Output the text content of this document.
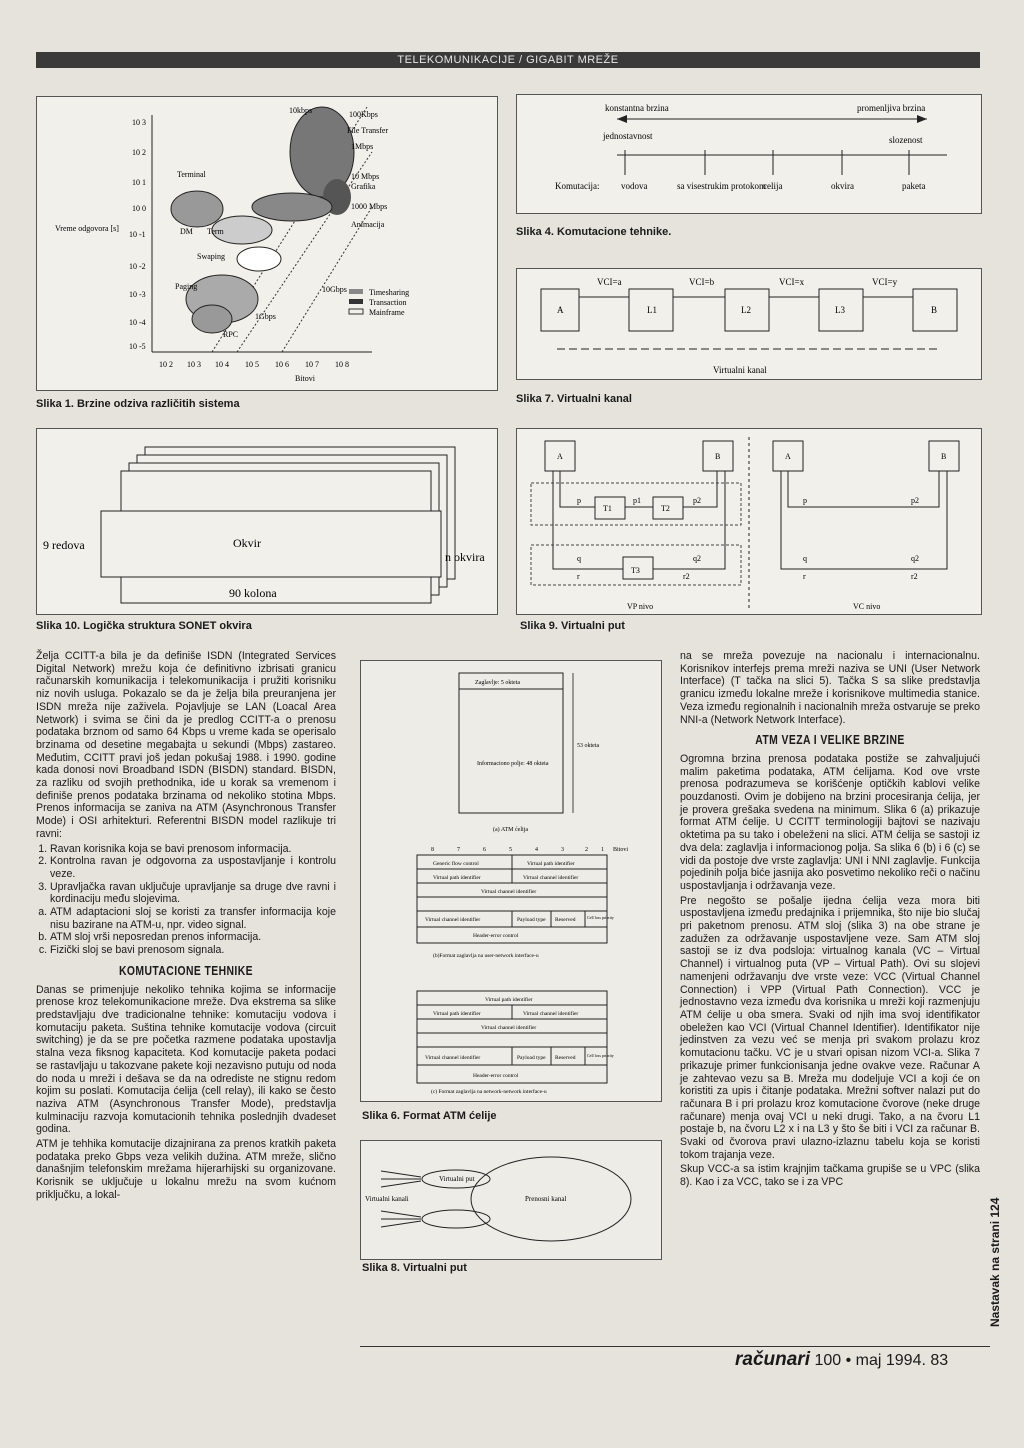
TELEKOMUNIKACIJE / GIGABIT MREŽE
Vreme odgovora [s]
10 3
10 2
10 1
10 0
10 -1
10 -2
10 -3
10 -4
10 -5
10 2 10 3 10 4 10 5 10 6 10 7 10 8
Bitovi
Terminal
Term
DM
Swaping
Paging
RPC
1Gbps
10Gbps
10kbps	100Kbps
File Transfer
1Mbps
10 Mbps
Grafika
1000 Mbps
Animacija
Timesharing
Transaction
Mainframe
Slika 1. Brzine odziva različitih sistema
konstantna brzina	promenljiva brzina
jednostavnost	slozenost
Komutacija: vodova	sa visestrukim protokom
celija	okvira	paketa
Slika 4. Komutacione tehnike.
VCI=a	VCI=b	VCI=x	VCI=y
A	L1	L2	L3	B
Virtualni kanal
Slika 7. Virtualni kanal
9 redova	Okvir
n okvira
90 kolona
Slika 10. Logička struktura SONET okvira
A	B	A	B
T1	T2
T3
p	p1	p2
q	q2
r	r2
p	p2
q	q2
r	r2
VP nivo	VC nivo
Slika 9. Virtualni put
Zaglavlje: 5 okteta
Informaciono polje: 48 okteta
53 okteta
(a) ATM ćelija
8	7	6	5	4	3	2 1 Bitovi
Generic flow control	Virtual path identifier
Virtual path identifier	Virtual channel identifier
Virtual channel identifier
Virtual channel identifier	Payload type Reserved	Cell loss priority
Header-error control
(b)Format zaglavlja na user-network interface-u
Virtual path identifier
Virtual path identifier	Virtual channel identifier
Virtual channel identifier
Virtual channel identifier	Payload type Reserved	Cell loss priority
Header-error control
(c) Format zaglavlja na network-network interface-u
Slika 6. Format ATM ćelije
Virtualni put
Virtualni kanali	Prenosni kanal
Slika 8. Virtualni put

Želja CCITT-a bila je da definiše ISDN (Integrated Services Digital Network) mrežu koja će definitivno izbrisati granicu računarskih komunikacija i telekomunikacija i pružiti korisniku niz novih usluga. Pokazalo se da je želja bila preuranjena jer ISDN mreža nije zaživela. Pojavljuje se LAN (Loacal Area Network) i svima se čini da je predlog CCITT-a o prenosu podataka brznom od samo 64 Kbps u vreme kada se operisalo brzinama od desetine megabajta u sekundi (Mbps) zastareo. Međutim, CCITT pravi još jedan pokušaj 1988. i 1990. godine kada donosi novi Broadband ISDN (BISDN) standard. BISDN, za razliku od svojih prethodnika, ide u korak sa vremenom i definiše prenos podataka brzinama od nekoliko stotina Mbps. Prenos informacija se zaniva na ATM (Asynchronous Transfer Mode) i OSI arhitekturi. Referentni BISDN model razlikuje tri ravni:

1. Ravan korisnika koja se bavi prenosom informacija.
2. Kontrolna ravan je odgovorna za uspostavljanje i kontrolu veze.
3. Upravljačka ravan uključuje upravljanje sa druge dve ravni i kordinaciju među slojevima.
a. ATM adaptacioni sloj se koristi za transfer informacija koje nisu bazirane na ATM-u, npr. video signal.
b. ATM sloj vrši neposredan prenos informacija.
c. Fizički sloj se bavi prenosom signala.
KOMUTACIONE TEHNIKE

Danas se primenjuje nekoliko tehnika kojima se informacije prenose kroz telekomunikacione mreže. Dva ekstrema sa slike predstavljaju dve tradicionalne tehnike: komutaciju vodova i komutaciju paketa. Suština tehnike komutacije vodova (circuit switching) je da se pre početka razmene podataka upostavlja stalna veza fiksnog kapaciteta. Kod komutacije paketa podaci se rastavljaju u takozvane pakete koji nezavisno putuju od noda do noda u mreži i dešava se da na odrediste ne stignu redom kojim su poslati. Komutacija ćelija (cell relay), ili kako se često naziva ATM (Asynchronous Transfer Mode), predstavlja kulminaciju razvoja komutacionih tehnika poslednjih dvadeset godina.

ATM je tehhika komutacije dizajnirana za prenos kratkih paketa podataka preko Gbps veza velikih dužina. ATM mreže, slično današnjim telefonskim mrežama hijerarhijski su organizovane. Korisnik se uključuje u lokalnu mrežu na svom kućnom priključku, a lokal-

na se mreža povezuje na nacionalu i internacionalnu. Korisnikov interfejs prema mreži naziva se UNI (User Network Interface) (T tačka na slici 5). Tačka S sa slike predstavlja granicu između lokalne mreže i korisnikove multimedia stanice. Veza između regionalnih i nacionalnih mreža ostvaruje se preko NNI-a (Network Network Interface).

ATM VEZA I VELIKE BRZINE

Ogromna brzina prenosa podataka postiže se zahvaljujući malim paketima podataka, ATM ćelijama. Kod ove vrste prenosa podrazumeva se korišćenje optičkih kablovi velike pouzdanosti. Ovim je dobijeno na brzini procesiranja ćelija, jer je provera grešaka svedena na minimum. Slika 6 (a) prikazuje format ATM ćelije. U CCITT terminologiji bajtovi se nazivaju oktetima pa su tako i obeleženi na slici. ATM ćelija se sastoji iz dva dela: zaglavlja i informacionog polja. Sa slika 6 (b) i 6 (c) se vidi da postoje dve vrste zaglavlja: UNI i NNI zaglavlje. Funkcija pojedinih polja biće jasnija ako posvetimo nekoliko reči o načinu uspostavljanja i održavanja veze.

Pre negošto se pošalje ijedna ćelija veza mora biti uspostavljena između predajnika i prijemnika, što nije bio slučaj pri paketnom prenosu. ATM sloj (slika 3) na obe strane je zadužen za održavanje uspostavljene veze. Sam ATM sloj sastoji se iz dva podsloja: virtualnog kanala (VC – Virtual Channel) i virtualnog puta (VP – Virtual Path). Ovi su slojevi namenjeni održavanju dve vrste veze: VCC (Virtual Channel Connection) i VPP (Virtual Path Connection). VCC je jednostavno veza između dva korisnika u mreži koji razmenjuju ATM ćelije u oba smera. Svaki od njih ima svoj identifikator obeležen kao VCI (Virtual Channel Identifier). Identifikator nije jedinstven za vezu već se menja pri svakom prolazu kroz komutacionu tačku. VC je u stvari opisan nizom VCI-a. Slika 7 prikazuje primer funkcionisanja jedne ovakve veze. Računar A je zahtevao vezu sa B. Mreža mu dodeljuje VCI a koji će on koristiti za upis i čitanje podataka. Mrežni softver nalazi put do računara B i pri prolazu kroz komutacione čvorove (neke druge računare) menja ovaj VCI u neki drugi. Tako, a na čvoru L1 postaje b, na čvoru L2 x i na L3 y što še biti i VCI za računar B. Svaki od čvorova pravi ulazno-izlaznu tabelu koja se koristi tokom trajanja veze.

Skup VCC-a sa istim krajnjim tačkama grupiše se u VPC (slika 8). Kao i za VCC, tako se i za VPC

Nastavak na strani 124
računari 100 • maj 1994. 83
